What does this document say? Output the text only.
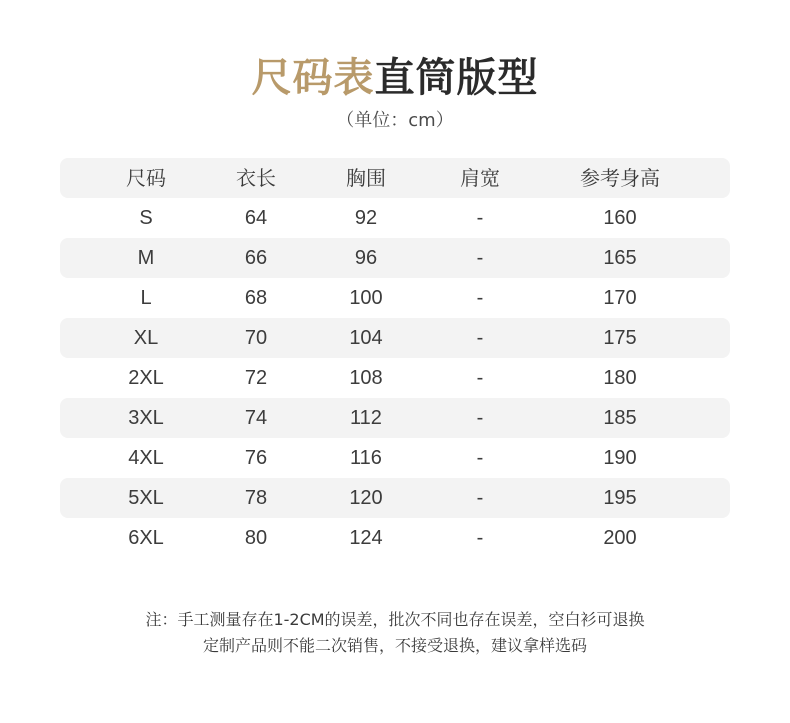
尺码表直筒版型
（单位：cm）
尺码	衣长	胸围	肩宽	参考身高
S	64	92	-	160
M	66	96	-	165
L	68	100	-	170
XL	70	104	-	175
2XL	72	108	-	180
3XL	74	112	-	185
4XL	76	116	-	190
5XL	78	120	-	195
6XL	80	124	-	200
注：手工测量存在1-2CM的误差，批次不同也存在误差，空白衫可退换
定制产品则不能二次销售，不接受退换，建议拿样选码
